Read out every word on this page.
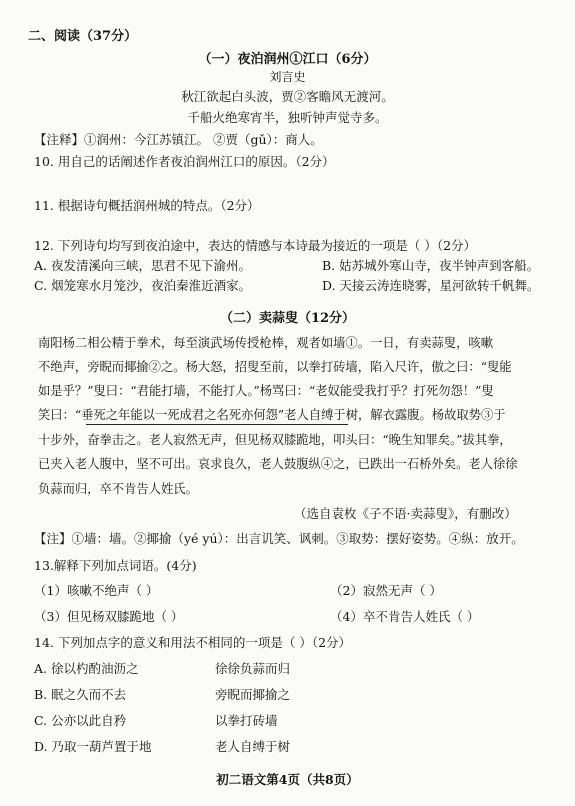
二、阅读（37分）
（一）夜泊润州①江口（6分）
刘言史
秋江欲起白头波，贾②客瞻风无渡河。
千船火绝寒宵半，独听钟声觉寺多。
【注释】①润州：今江苏镇江。 ②贾（gǔ）：商人。
10. 用自己的话阐述作者夜泊润州江口的原因。（2分）
11. 根据诗句概括润州城的特点。（2分）
12. 下列诗句均写到夜泊途中，表达的情感与本诗最为接近的一项是（ ）（2分）
A. 夜发清溪向三峡，思君不见下渝州。	B. 姑苏城外寒山寺，夜半钟声到客船。
C. 烟笼寒水月笼沙，夜泊秦淮近酒家。	D. 天接云涛连晓雾，星河欲转千帆舞。
（二）卖蒜叟（12分）
南阳杨二相公精于拳术，每至演武场传授枪棒，观者如墙①。一日，有卖蒜叟，咳嗽
不绝声，旁睨而揶揄②之。杨大怒，招叟至前，以拳打砖墙，陷入尺许，傲之曰：“叟能
如是乎？”叟曰：“君能打墙，不能打人。”杨骂曰：“老奴能受我打乎？打死勿怨！”叟
笑曰：“垂死之年能以一死成君之名死亦何怨”老人自缚于树，解衣露腹。杨故取势③于
十步外，奋拳击之。老人寂然无声，但见杨双膝跪地，叩头曰：“晚生知罪矣。”拔其拳，
已夹入老人腹中，坚不可出。哀求良久，老人鼓腹纵④之，已跌出一石桥外矣。老人徐徐
负蒜而归，卒不肯告人姓氏。
（选自袁枚《子不语·卖蒜叟》，有删改）
【注】①墙：墙。②揶揄（yé yú）：出言讥笑、讽刺。③取势：摆好姿势。④纵：放开。
13.解释下列加点词语。(4分)
（1）咳嗽不绝声（ ）	（2）寂然无声（ ）
（3）但见杨双膝跪地（ ）	（4）卒不肯告人姓氏（ ）
14. 下列加点字的意义和用法不相同的一项是（ ）（2分）
A. 徐以杓酌油沥之	徐徐负蒜而归
B. 眠之久而不去	旁睨而揶揄之
C. 公亦以此自矜	以拳打砖墙
D. 乃取一葫芦置于地	老人自缚于树
初二语文第4页（共8页）
